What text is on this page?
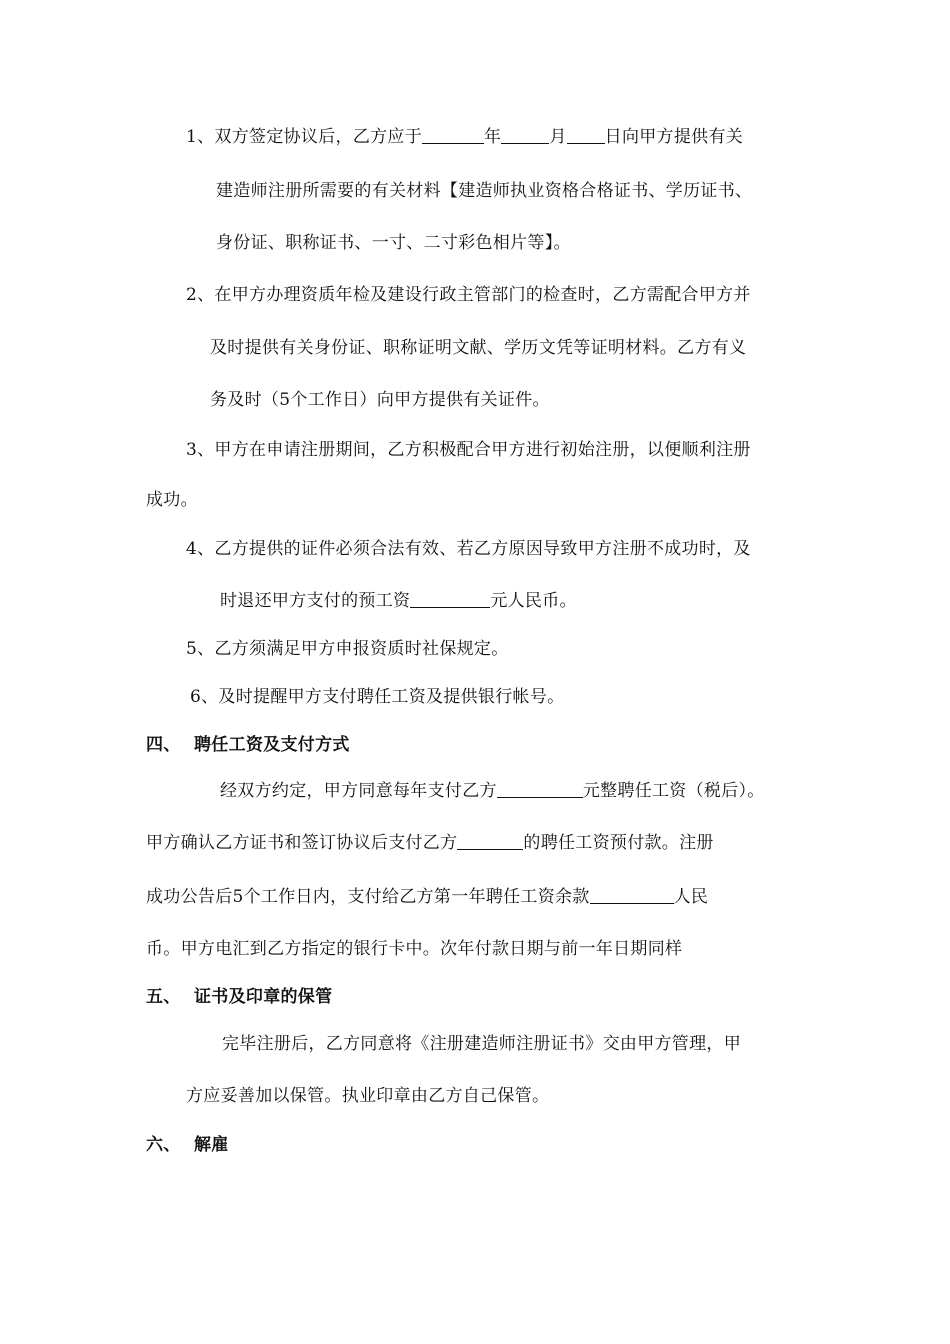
1、双方签定协议后，乙方应于	年	月 日向甲方提供有关
建造师注册所需要的有关材料【建造师执业资格合格证书、学历证书、
身份证、职称证书、一寸、二寸彩色相片等】。
2、在甲方办理资质年检及建设行政主管部门的检查时，乙方需配合甲方并
及时提供有关身份证、职称证明文献、学历文凭等证明材料。乙方有义
务及时（5个工作日）向甲方提供有关证件。
3、甲方在申请注册期间，乙方积极配合甲方进行初始注册，以便顺利注册
成功。
4、乙方提供的证件必须合法有效、若乙方原因导致甲方注册不成功时，及
时退还甲方支付的预工资	元人民币。
5、乙方须满足甲方申报资质时社保规定。
6、及时提醒甲方支付聘任工资及提供银行帐号。
四、 聘任工资及支付方式
经双方约定，甲方同意每年支付乙方	元整聘任工资（税后）。
甲方确认乙方证书和签订协议后支付乙方	的聘任工资预付款。注册
成功公告后5个工作日内，支付给乙方第一年聘任工资余款	人民
币。甲方电汇到乙方指定的银行卡中。次年付款日期与前一年日期同样
五、 证书及印章的保管
完毕注册后，乙方同意将《注册建造师注册证书》交由甲方管理，甲
方应妥善加以保管。执业印章由乙方自己保管。
六、 解雇
